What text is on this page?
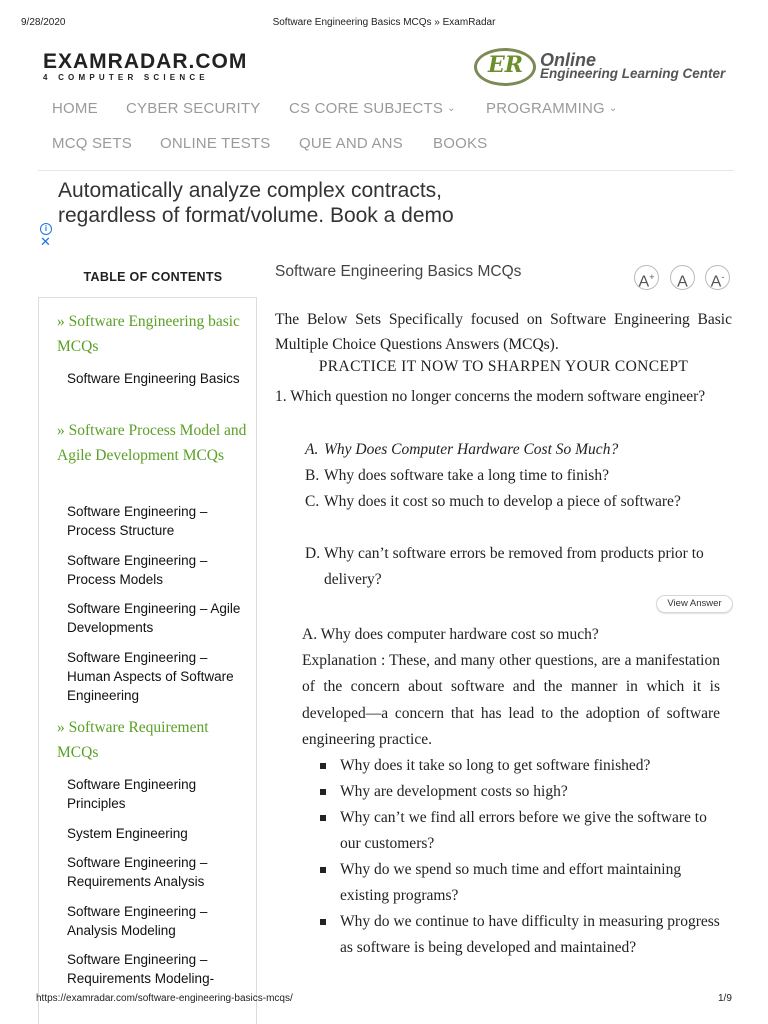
9/28/2020	Software Engineering Basics MCQs » ExamRadar
EXAMRADAR.COM
4 COMPUTER SCIENCE	ER Online
Engineering Learning Center
HOME CYBER SECURITY CS CORE SUBJECTS ⌄ PROGRAMMING ⌄
MCQ SETS ONLINE TESTS QUE AND ANS BOOKS
Automatically analyze complex contracts, regardless of format/volume. Book a demo
i
✕
TABLE OF CONTENTS
» Software Engineering basic MCQs
Software Engineering Basics
» Software Process Model and Agile Development MCQs
Software Engineering – Process Structure
Software Engineering – Process Models
Software Engineering – Agile Developments
Software Engineering – Human Aspects of Software Engineering
» Software Requirement MCQs
Software Engineering Principles
System Engineering
Software Engineering – Requirements Analysis
Software Engineering – Analysis Modeling
Software Engineering – Requirements Modeling-
Software Engineering Basics MCQs
A+	A	A-
The Below Sets Specifically focused on Software Engineering Basic Multiple Choice Questions Answers (MCQs).
PRACTICE IT NOW TO SHARPEN YOUR CONCEPT
1. Which question no longer concerns the modern software engineer?
A. Why Does Computer Hardware Cost So Much?
B. Why does software take a long time to finish?
C. Why does it cost so much to develop a piece of software?
D. Why can’t software errors be removed from products prior to delivery?
View Answer
A. Why does computer hardware cost so much?
Explanation : These, and many other questions, are a manifestation of the concern about software and the manner in which it is developed—a concern that has lead to the adoption of software engineering practice.
Why does it take so long to get software finished?
Why are development costs so high?
Why can’t we find all errors before we give the software to our customers?
Why do we spend so much time and effort maintaining existing programs?
Why do we continue to have difficulty in measuring progress as software is being developed and maintained?
https://examradar.com/software-engineering-basics-mcqs/	1/9
